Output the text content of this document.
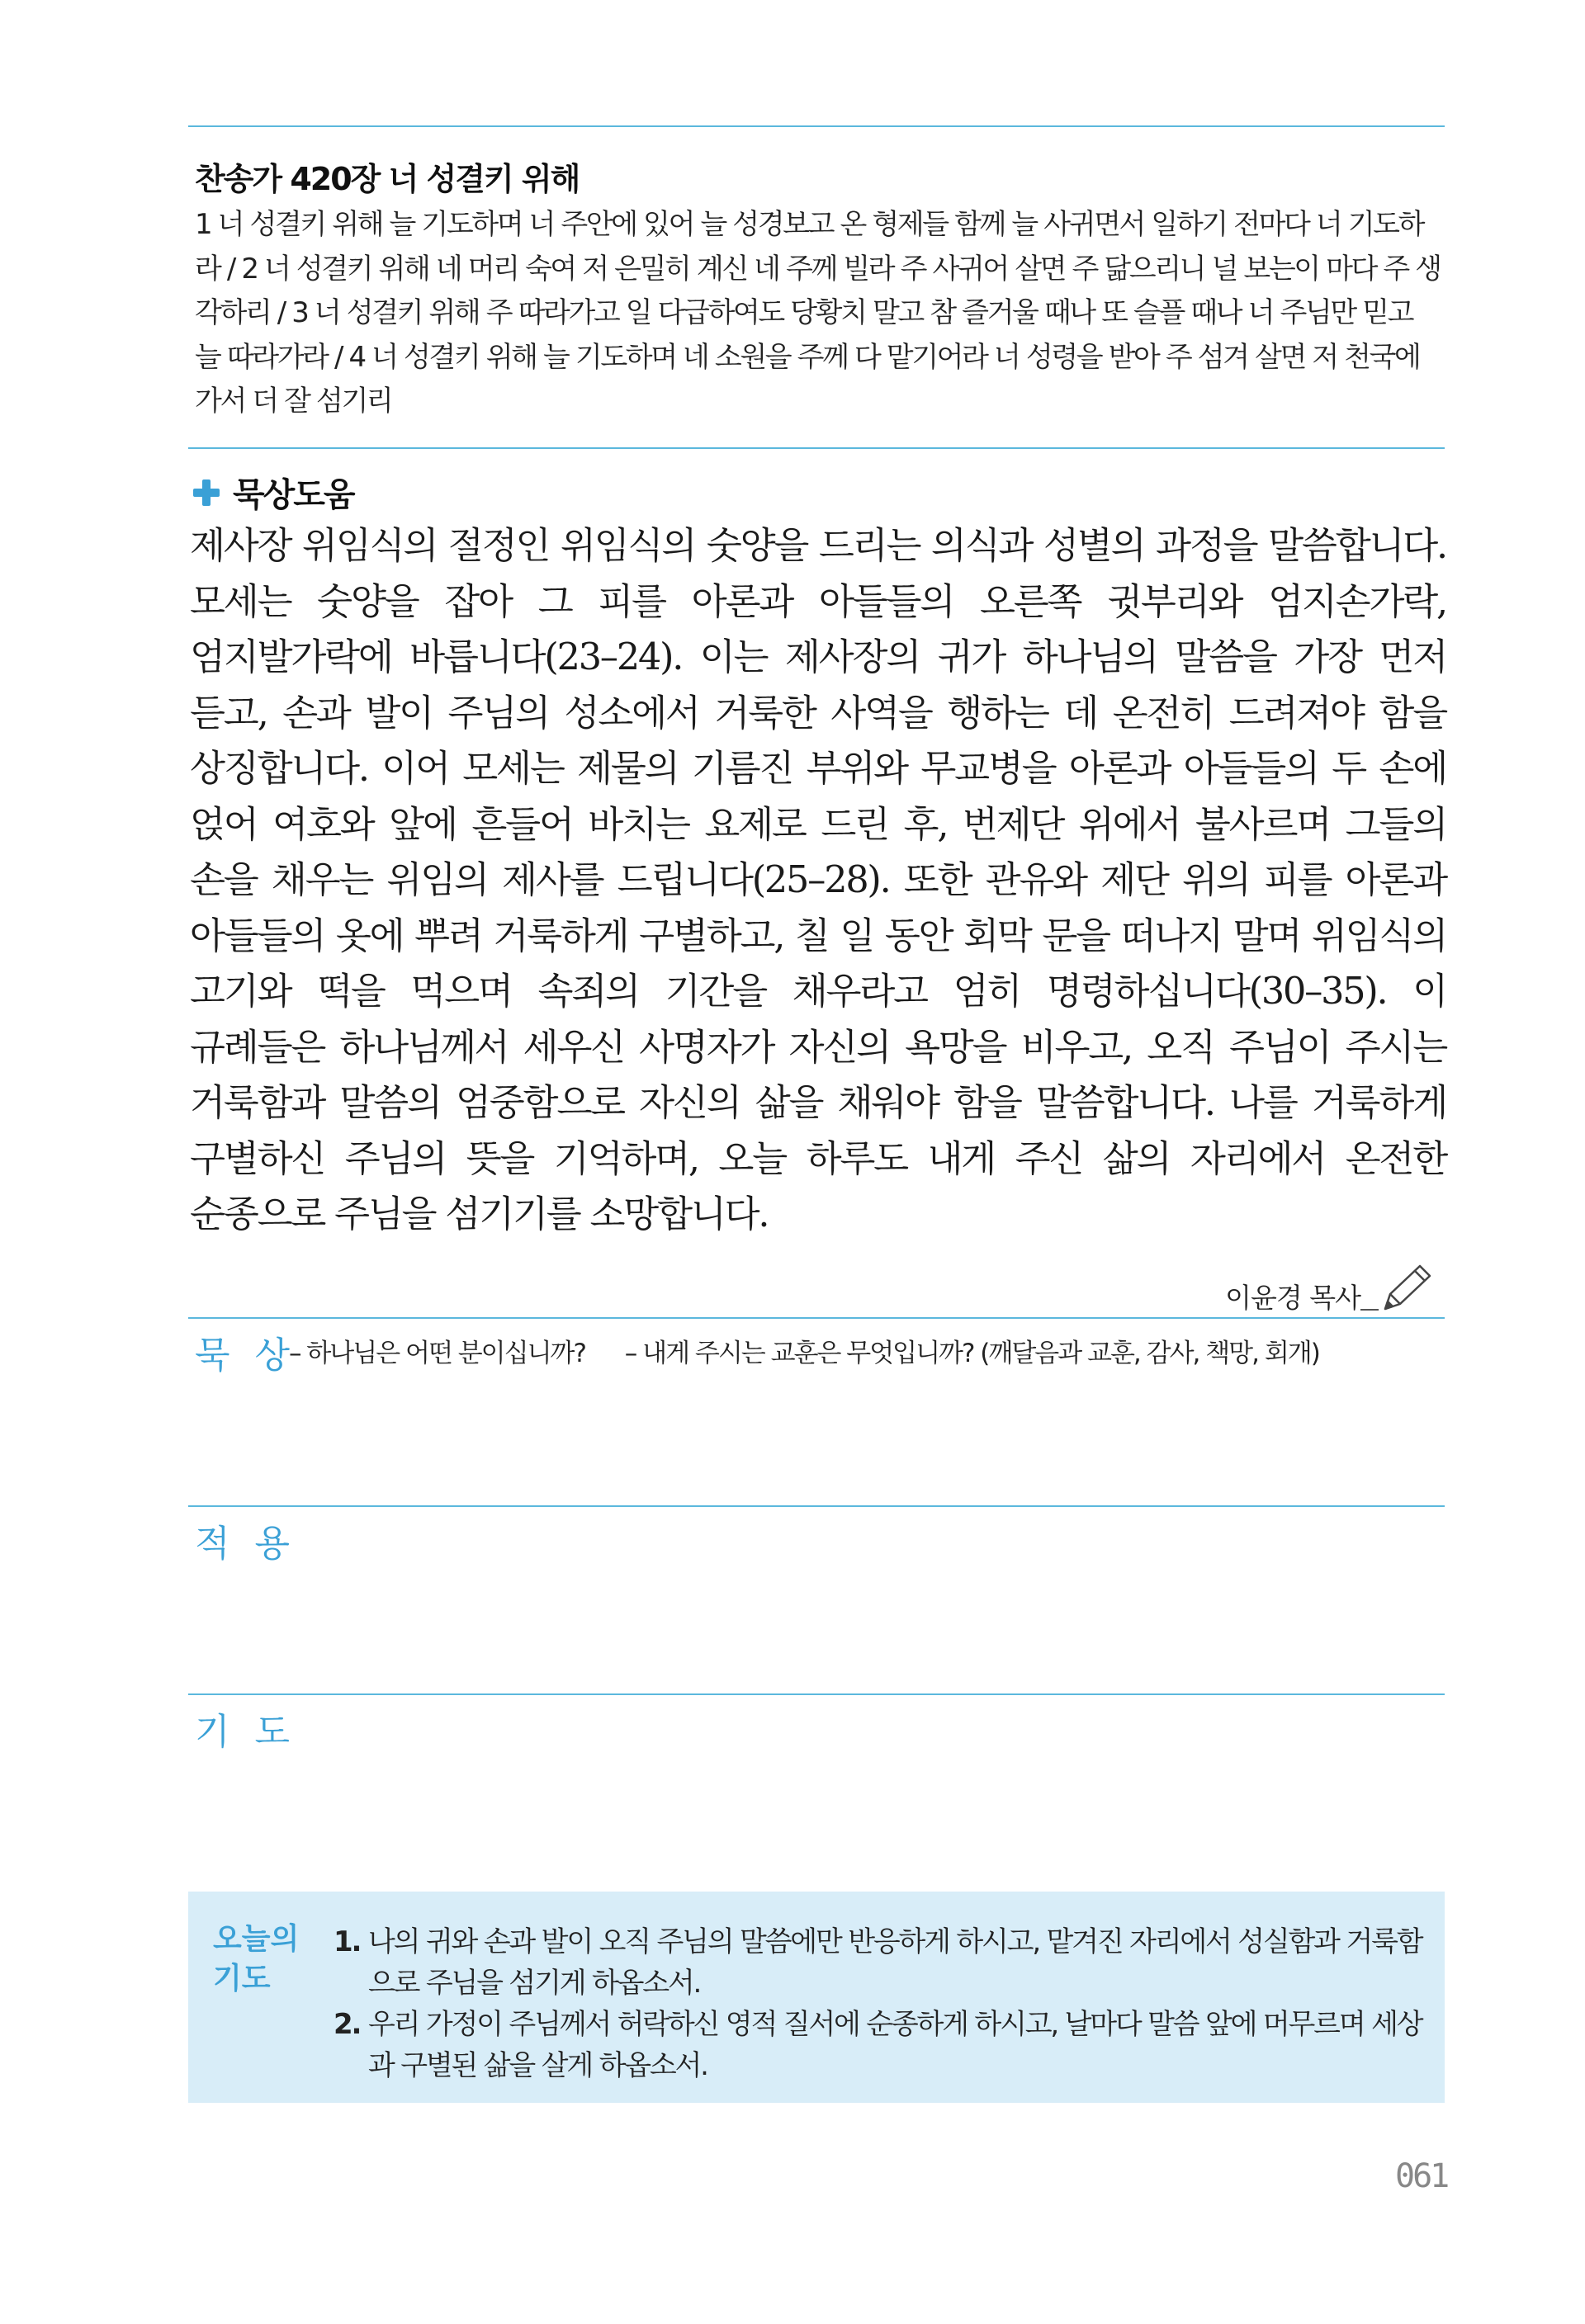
찬송가 420장 너 성결키 위해
1 너 성결키 위해 늘 기도하며 너 주안에 있어 늘 성경보고 온 형제들 함께 늘 사귀면서 일하기 전마다 너 기도하라 / 2 너 성결키 위해 네 머리 숙여 저 은밀히 계신 네 주께 빌라 주 사귀어 살면 주 닮으리니 널 보는이 마다 주 생각하리 / 3 너 성결키 위해 주 따라가고 일 다급하여도 당황치 말고 참 즐거울 때나 또 슬플 때나 너 주님만 믿고 늘 따라가라 / 4 너 성결키 위해 늘 기도하며 네 소원을 주께 다 맡기어라 너 성령을 받아 주 섬겨 살면 저 천국에 가서 더 잘 섬기리
묵상도움
제사장 위임식의 절정인 위임식의 숫양을 드리는 의식과 성별의 과정을 말씀합니다. 모세는 숫양을 잡아 그 피를 아론과 아들들의 오른쪽 귓부리와 엄지손가락, 엄지발가락에 바릅니다(23–24). 이는 제사장의 귀가 하나님의 말씀을 가장 먼저 듣고, 손과 발이 주님의 성소에서 거룩한 사역을 행하는 데 온전히 드려져야 함을 상징합니다. 이어 모세는 제물의 기름진 부위와 무교병을 아론과 아들들의 두 손에 얹어 여호와 앞에 흔들어 바치는 요제로 드린 후, 번제단 위에서 불사르며 그들의 손을 채우는 위임의 제사를 드립니다(25–28). 또한 관유와 제단 위의 피를 아론과 아들들의 옷에 뿌려 거룩하게 구별하고, 칠 일 동안 회막 문을 떠나지 말며 위임식의 고기와 떡을 먹으며 속죄의 기간을 채우라고 엄히 명령하십니다(30–35). 이 규례들은 하나님께서 세우신 사명자가 자신의 욕망을 비우고, 오직 주님이 주시는 거룩함과 말씀의 엄중함으로 자신의 삶을 채워야 함을 말씀합니다. 나를 거룩하게 구별하신 주님의 뜻을 기억하며, 오늘 하루도 내게 주신 삶의 자리에서 온전한 순종으로 주님을 섬기기를 소망합니다.
이윤경 목사
묵 상
– 하나님은 어떤 분이십니까? – 내게 주시는 교훈은 무엇입니까? (깨달음과 교훈, 감사, 책망, 회개)
적 용
기 도
오늘의
기도
1. 나의 귀와 손과 발이 오직 주님의 말씀에만 반응하게 하시고, 맡겨진 자리에서 성실함과 거룩함으로 주님을 섬기게 하옵소서.
2. 우리 가정이 주님께서 허락하신 영적 질서에 순종하게 하시고, 날마다 말씀 앞에 머무르며 세상과 구별된 삶을 살게 하옵소서.
061
